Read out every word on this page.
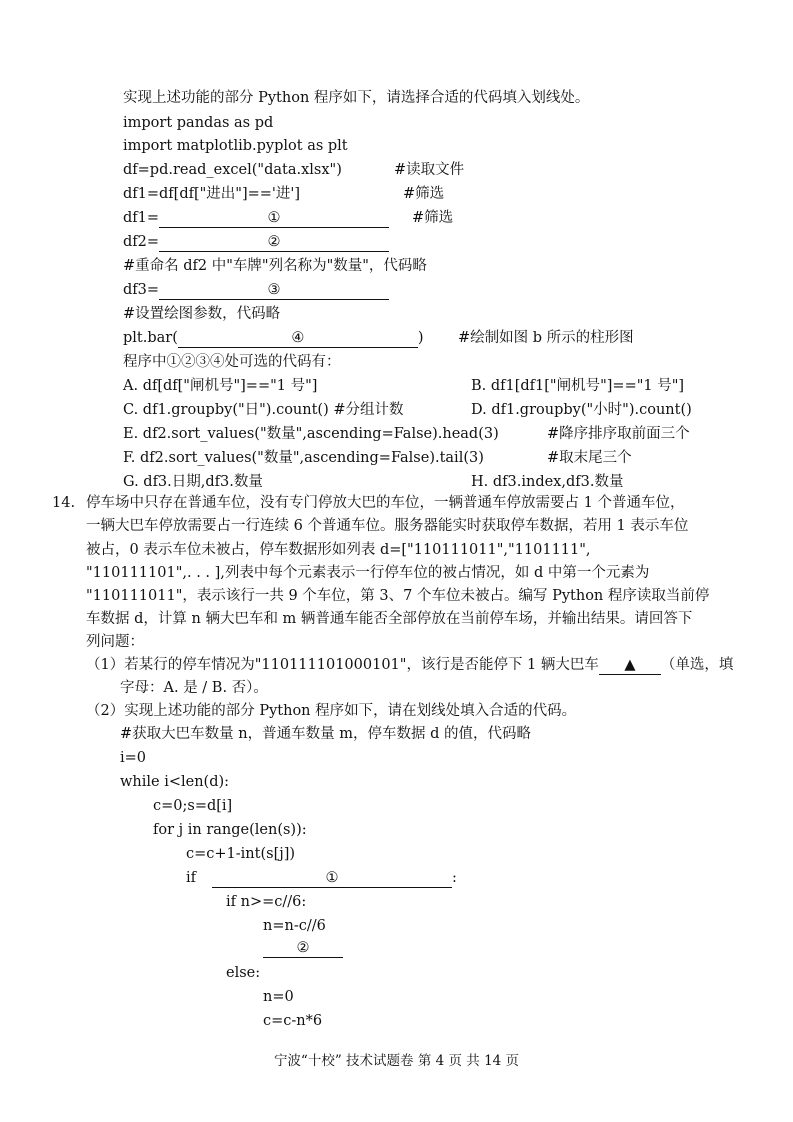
实现上述功能的部分 Python 程序如下，请选择合适的代码填入划线处。
import pandas as pd
import matplotlib.pyplot as plt
df=pd.read_excel("data.xlsx")	#读取文件
df1=df[df["进出"]=='进']	#筛选
df1=	①	#筛选
df2=	②
#重命名 df2 中"车牌"列名称为"数量"，代码略
df3=	③
#设置绘图参数，代码略
plt.bar(	④	) #绘制如图 b 所示的柱形图
程序中①②③④处可选的代码有：
A. df[df["闸机号"]=="1 号"]	B. df1[df1["闸机号"]=="1 号"]
C. df1.groupby("日").count() #分组计数	D. df1.groupby("小时").count()
E. df2.sort_values("数量",ascending=False).head(3)	#降序排序取前面三个
F. df2.sort_values("数量",ascending=False).tail(3)	#取末尾三个
G. df3.日期,df3.数量	H. df3.index,df3.数量
14. 停车场中只存在普通车位，没有专门停放大巴的车位，一辆普通车停放需要占 1 个普通车位，
一辆大巴车停放需要占一行连续 6 个普通车位。服务器能实时获取停车数据，若用 1 表示车位
被占，0 表示车位未被占，停车数据形如列表 d=["110111011","1101111",
"110111101",. . . ],列表中每个元素表示一行停车位的被占情况，如 d 中第一个元素为
"110111011"，表示该行一共 9 个车位，第 3、7 个车位未被占。编写 Python 程序读取当前停
车数据 d，计算 n 辆大巴车和 m 辆普通车能否全部停放在当前停车场，并输出结果。请回答下
列问题：
（1）若某行的停车情况为"110111101000101"，该行是否能停下 1 辆大巴车 ▲ （单选，填
字母：A. 是 / B. 否）。
（2）实现上述功能的部分 Python 程序如下，请在划线处填入合适的代码。
#获取大巴车数量 n，普通车数量 m，停车数据 d 的值，代码略
i=0
while i<len(d):
c=0;s=d[i]
for j in range(len(s)):
c=c+1-int(s[j])
if	①	:
if n>=c//6:
n=n-c//6
②
else:
n=0
c=c-n*6
宁波“十校” 技术试题卷 第 4 页 共 14 页
